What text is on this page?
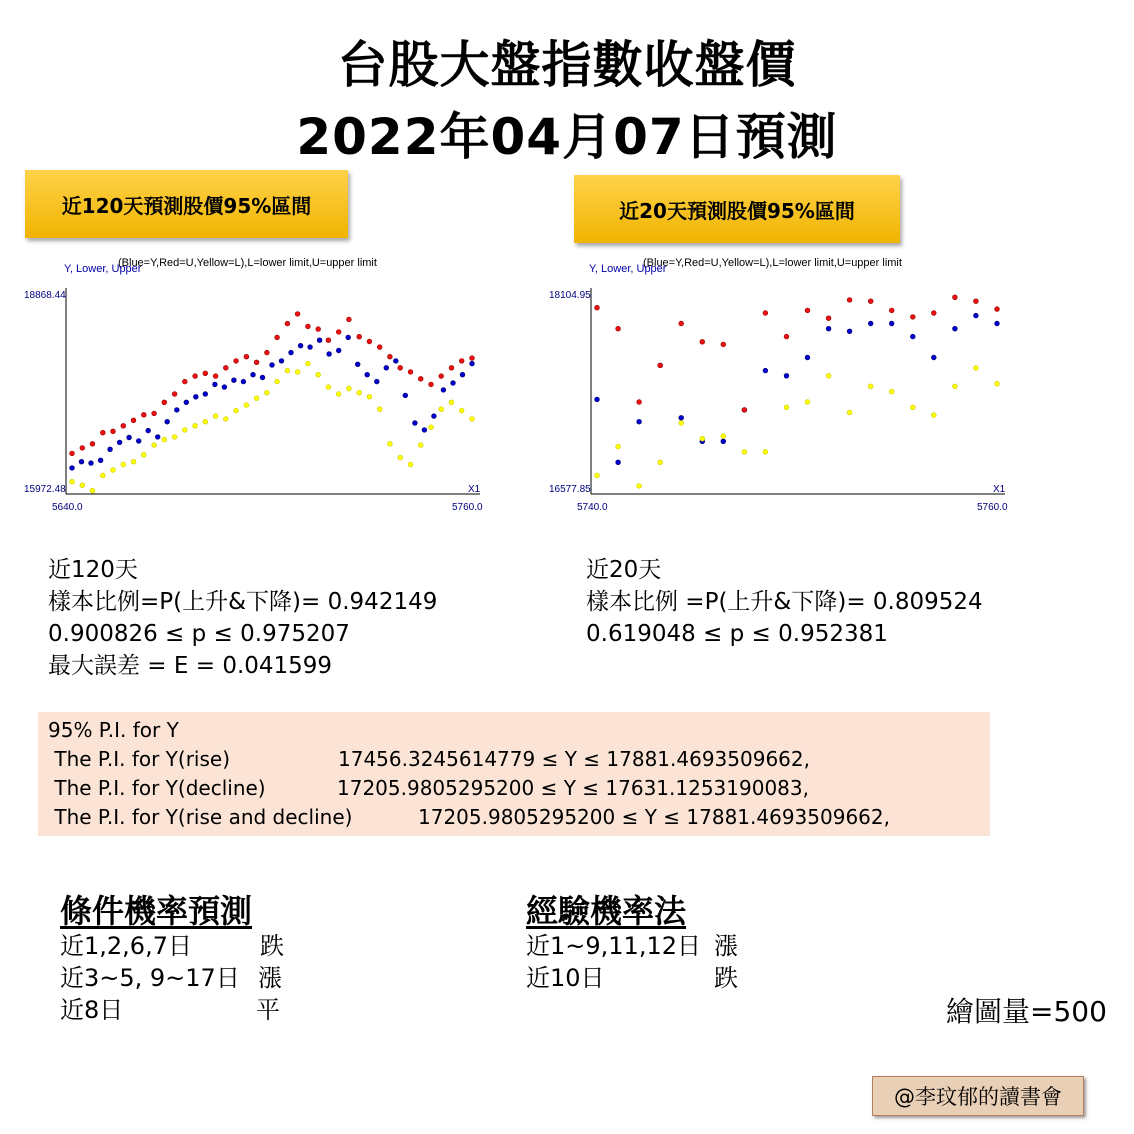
台股大盤指數收盤價
2022年04月07日預測
近120天預測股價95%區間	近20天預測股價95%區間
(Blue=Y,Red=U,Yellow=L),L=lower limit,U=upper limit
Y, Lower, Upper
18868.44
15972.48	X1
5640.0	5760.0
(Blue=Y,Red=U,Yellow=L),L=lower limit,U=upper limit
Y, Lower, Upper
18104.95
16577.85	X1
5740.0	5760.0
近120天
樣本比例=P(上升&下降)= 0.942149
0.900826 ≤ p ≤ 0.975207
最大誤差 = E = 0.041599
近20天
樣本比例 =P(上升&下降)= 0.809524
0.619048 ≤ p ≤ 0.952381
95% P.I. for Y
The P.I. for Y(rise)	17456.3245614779 ≤ Y ≤ 17881.4693509662,
The P.I. for Y(decline)	17205.9805295200 ≤ Y ≤ 17631.1253190083,
The P.I. for Y(rise and decline)	17205.9805295200 ≤ Y ≤ 17881.4693509662,
條件機率預測
近1,2,6,7日	跌
近3~5, 9~17日 漲
近8日	平
經驗機率法
近1~9,11,12日 漲
近10日	跌
繪圖量=500
@李玟郁的讀書會
